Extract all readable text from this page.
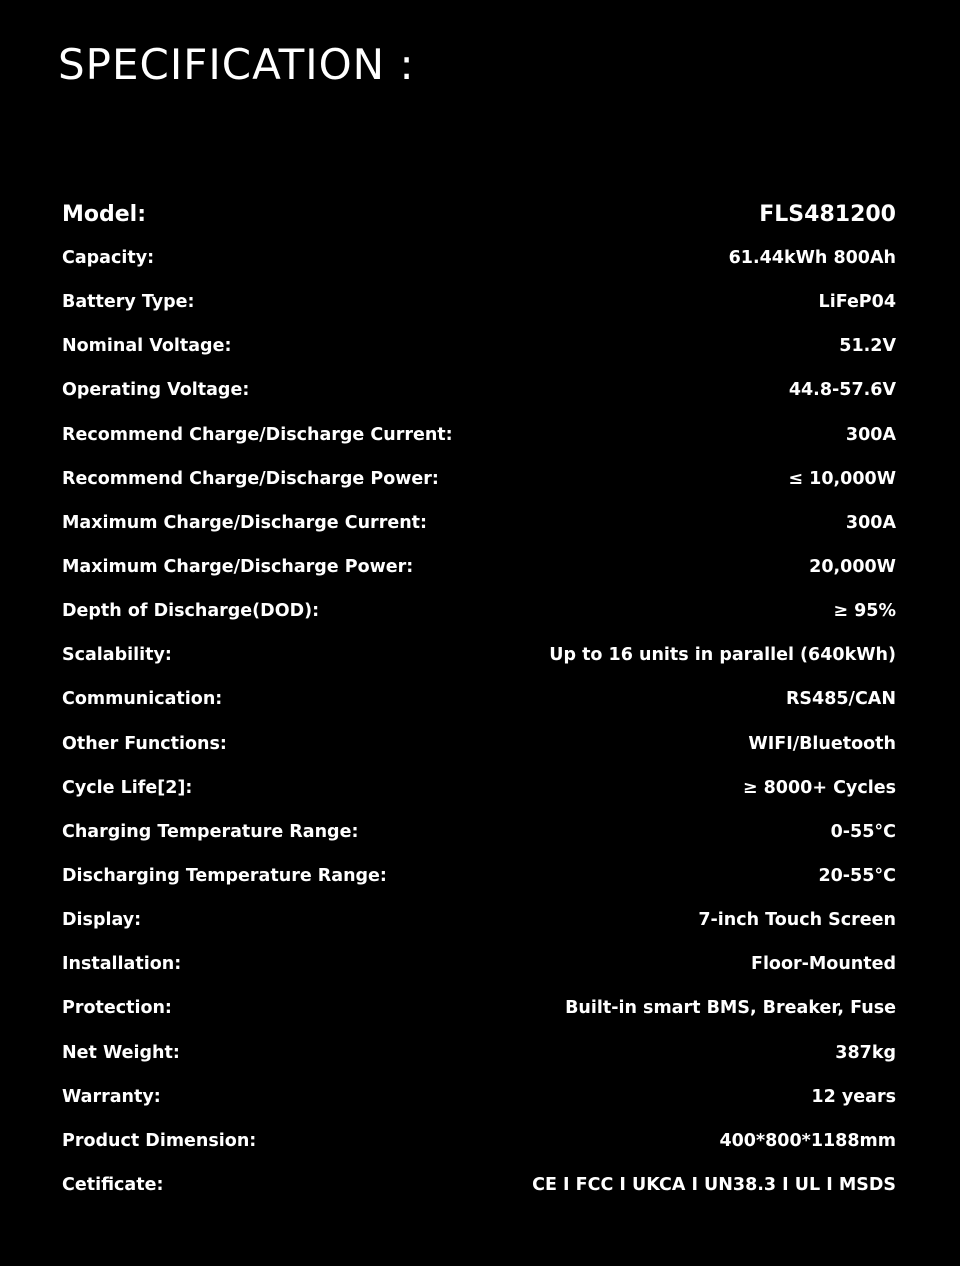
SPECIFICATION :
Model:	FLS481200
Capacity:	61.44kWh 800Ah
Battery Type:	LiFeP04
Nominal Voltage:	51.2V
Operating Voltage:	44.8-57.6V
Recommend Charge/Discharge Current:	300A
Recommend Charge/Discharge Power:	≤ 10,000W
Maximum Charge/Discharge Current:	300A
Maximum Charge/Discharge Power:	20,000W
Depth of Discharge(DOD):	≥ 95%
Scalability:	Up to 16 units in parallel (640kWh)
Communication:	RS485/CAN
Other Functions:	WIFI/Bluetooth
Cycle Life[2]:	≥ 8000+ Cycles
Charging Temperature Range:	0-55°C
Discharging Temperature Range:	20-55°C
Display:	7-inch Touch Screen
Installation:	Floor-Mounted
Protection:	Built-in smart BMS, Breaker, Fuse
Net Weight:	387kg
Warranty:	12 years
Product Dimension:	400*800*1188mm
Cetificate:	CE I FCC I UKCA I UN38.3 I UL I MSDS
